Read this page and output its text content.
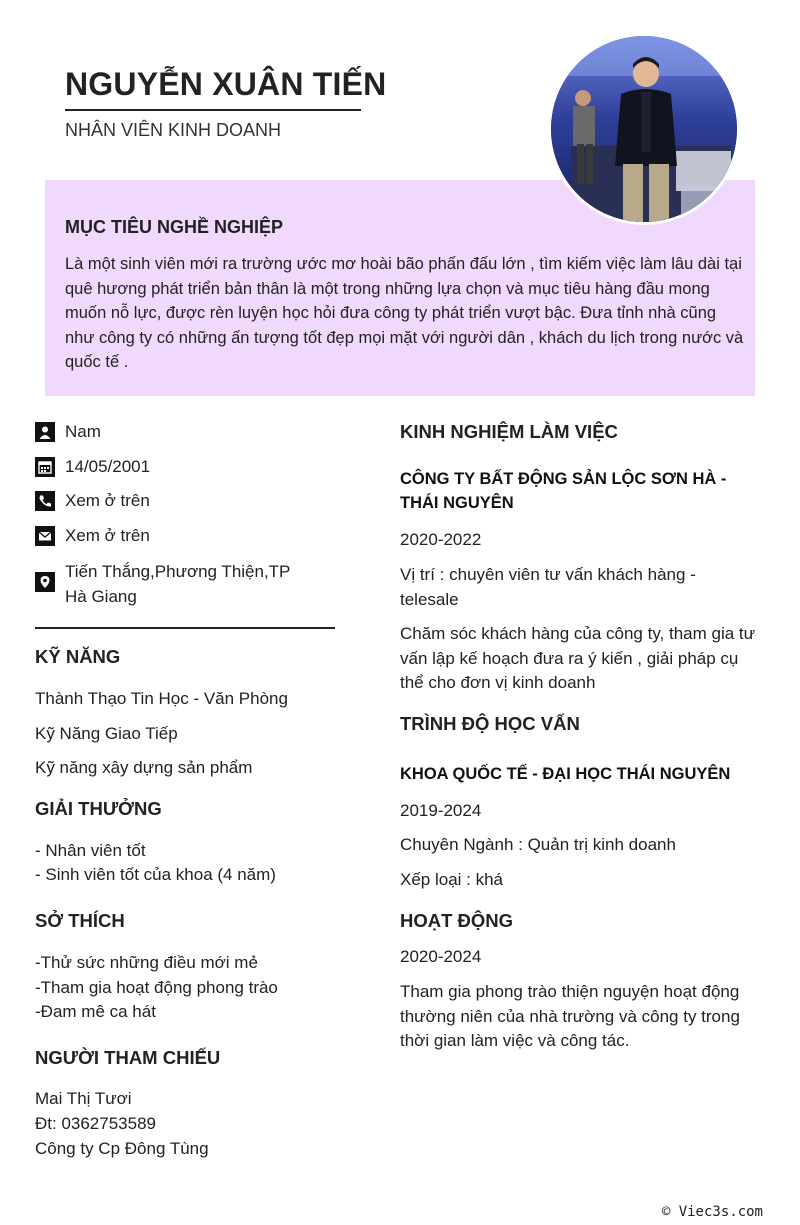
NGUYỄN XUÂN TIẾN
NHÂN VIÊN KINH DOANH
MỤC TIÊU NGHỀ NGHIỆP
Là một sinh viên mới ra trường ước mơ hoài bão phấn đấu lớn , tìm kiếm việc làm lâu dài tại quê hương phát triển bản thân là một trong những lựa chọn và mục tiêu hàng đầu mong muốn nỗ lực, được rèn luyện học hỏi đưa công ty phát triển vượt bậc. Đưa tỉnh nhà cũng như công ty có những ấn tượng tốt đẹp mọi mặt với người dân , khách du lịch trong nước và quốc tế .
Nam
14/05/2001
Xem ở trên
Xem ở trên
Tiến Thắng,Phương Thiện,TP Hà Giang
KỸ NĂNG
Thành Thạo Tin Học - Văn Phòng
Kỹ Năng Giao Tiếp
Kỹ năng xây dựng sản phẩm
GIẢI THƯỞNG
- Nhân viên tốt
- Sinh viên tốt của khoa (4 năm)
SỞ THÍCH
-Thử sức những điều mới mẻ
-Tham gia hoạt động phong trào
-Đam mê ca hát
NGƯỜI THAM CHIẾU
Mai Thị Tươi
Đt: 0362753589
Công ty Cp Đông Tùng
KINH NGHIỆM LÀM VIỆC
CÔNG TY BẤT ĐỘNG SẢN LỘC SƠN HÀ - THÁI NGUYÊN
2020-2022
Vị trí : chuyên viên tư vấn khách hàng - telesale
Chăm sóc khách hàng của công ty, tham gia tư vấn lập kế hoạch đưa ra ý kiến , giải pháp cụ thể cho đơn vị kinh doanh
TRÌNH ĐỘ HỌC VẤN
KHOA QUỐC TẾ - ĐẠI HỌC THÁI NGUYÊN
2019-2024
Chuyên Ngành : Quản trị kinh doanh
Xếp loại : khá
HOẠT ĐỘNG
2020-2024
Tham gia phong trào thiện nguyện hoạt động thường niên của nhà trường và công ty trong thời gian làm việc và công tác.
© Viec3s.com
